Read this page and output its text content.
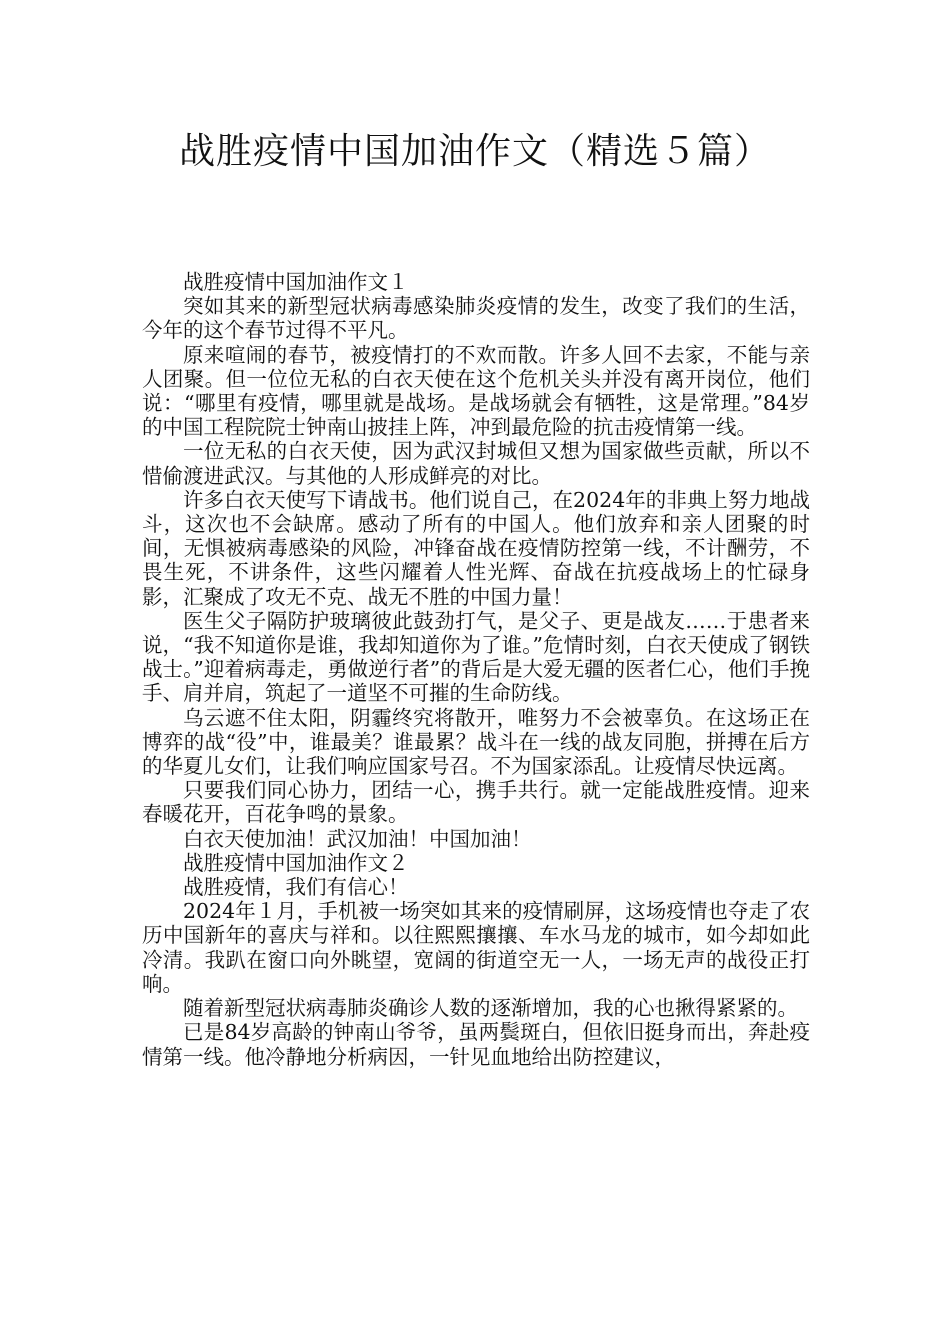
战胜疫情中国加油作文（精选５篇）

战胜疫情中国加油作文１

突如其来的新型冠状病毒感染肺炎疫情的发生，改变了我们的生活，今年的这个春节过得不平凡。

原来喧闹的春节，被疫情打的不欢而散。许多人回不去家，不能与亲人团聚。但一位位无私的白衣天使在这个危机关头并没有离开岗位，他们说：“哪里有疫情，哪里就是战场。是战场就会有牺牲，这是常理。”84岁的中国工程院院士钟南山披挂上阵，冲到最危险的抗击疫情第一线。

一位无私的白衣天使，因为武汉封城但又想为国家做些贡献，所以不惜偷渡进武汉。与其他的人形成鲜亮的对比。

许多白衣天使写下请战书。他们说自己，在2024年的非典上努力地战斗，这次也不会缺席。感动了所有的中国人。他们放弃和亲人团聚的时间，无惧被病毒感染的风险，冲锋奋战在疫情防控第一线，不计酬劳，不畏生死，不讲条件，这些闪耀着人性光辉、奋战在抗疫战场上的忙碌身影，汇聚成了攻无不克、战无不胜的中国力量！

医生父子隔防护玻璃彼此鼓劲打气，是父子、更是战友……于患者来说，“我不知道你是谁，我却知道你为了谁。”危情时刻，白衣天使成了钢铁战士。”迎着病毒走，勇做逆行者”的背后是大爱无疆的医者仁心，他们手挽手、肩并肩，筑起了一道坚不可摧的生命防线。

乌云遮不住太阳，阴霾终究将散开，唯努力不会被辜负。在这场正在博弈的战“役”中，谁最美？谁最累？战斗在一线的战友同胞，拼搏在后方的华夏儿女们，让我们响应国家号召。不为国家添乱。让疫情尽快远离。

只要我们同心协力，团结一心，携手共行。就一定能战胜疫情。迎来春暖花开，百花争鸣的景象。

白衣天使加油！武汉加油！中国加油！

战胜疫情中国加油作文２

战胜疫情，我们有信心！

2024年１月，手机被一场突如其来的疫情刷屏，这场疫情也夺走了农历中国新年的喜庆与祥和。以往熙熙攘攘、车水马龙的城市，如今却如此冷清。我趴在窗口向外眺望，宽阔的街道空无一人，一场无声的战役正打响。

随着新型冠状病毒肺炎确诊人数的逐渐增加，我的心也揪得紧紧的。

已是84岁高龄的钟南山爷爷，虽两鬓斑白，但依旧挺身而出，奔赴疫情第一线。他冷静地分析病因，一针见血地给出防控建议，
